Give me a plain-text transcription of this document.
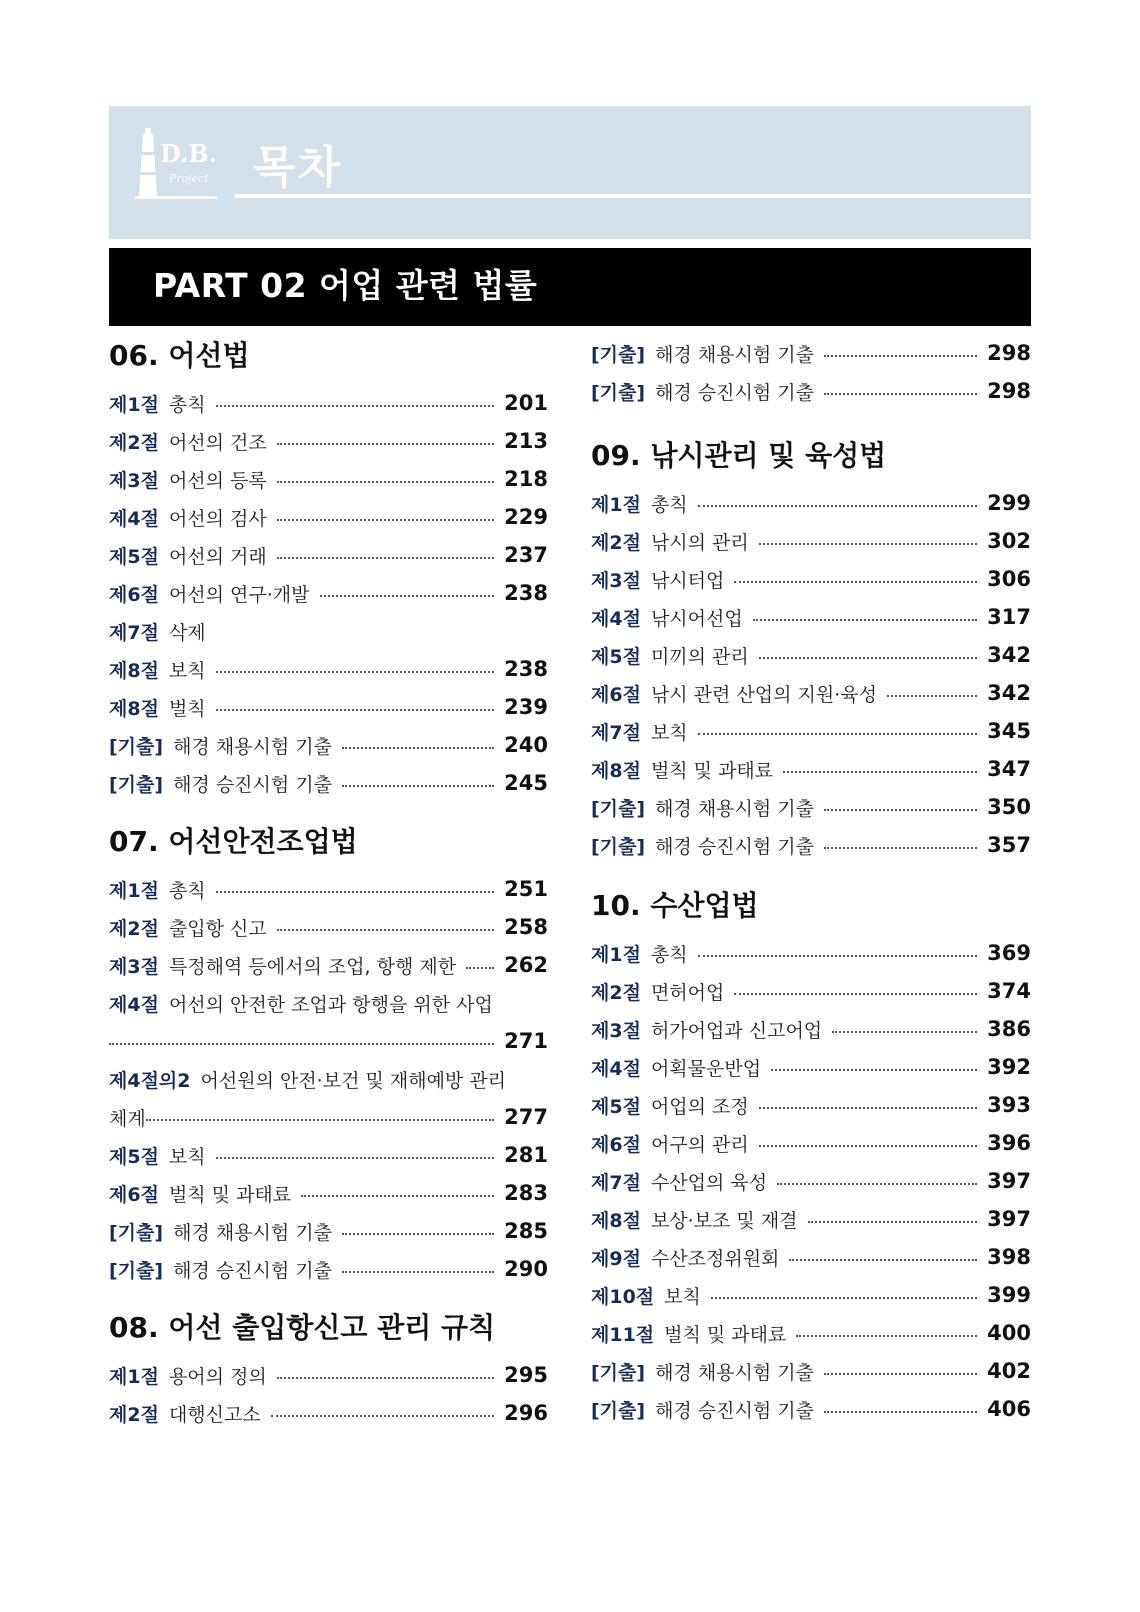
D.B.
Project 목차
PART 02 어업 관련 법률
06. 어선법
제1절 총칙	201
제2절 어선의 건조	213
제3절 어선의 등록	218
제4절 어선의 검사	229
제5절 어선의 거래	237
제6절 어선의 연구·개발	238
제7절 삭제
제8절 보칙	238
제8절 벌칙	239
[기출] 해경 채용시험 기출	240
[기출] 해경 승진시험 기출	245
07. 어선안전조업법
제1절 총칙	251
제2절 출입항 신고	258
제3절 특정해역 등에서의 조업, 항행 제한 262
제4절 어선의 안전한 조업과 항행을 위한 사업
271
제4절의2 어선원의 안전·보건 및 재해예방 관리
체계	277
제5절 보칙	281
제6절 벌칙 및 과태료	283
[기출] 해경 채용시험 기출	285
[기출] 해경 승진시험 기출	290
08. 어선 출입항신고 관리 규칙
제1절 용어의 정의	295
제2절 대행신고소	296
[기출] 해경 채용시험 기출	298
[기출] 해경 승진시험 기출	298
09. 낚시관리 및 육성법
제1절 총칙	299
제2절 낚시의 관리	302
제3절 낚시터업	306
제4절 낚시어선업	317
제5절 미끼의 관리	342
제6절 낚시 관련 산업의 지원·육성	342
제7절 보칙	345
제8절 벌칙 및 과태료	347
[기출] 해경 채용시험 기출	350
[기출] 해경 승진시험 기출	357
10. 수산업법
제1절 총칙	369
제2절 면허어업	374
제3절 허가어업과 신고어업	386
제4절 어획물운반업	392
제5절 어업의 조정	393
제6절 어구의 관리	396
제7절 수산업의 육성	397
제8절 보상·보조 및 재결	397
제9절 수산조정위원회	398
제10절 보칙	399
제11절 벌칙 및 과태료	400
[기출] 해경 채용시험 기출	402
[기출] 해경 승진시험 기출	406
